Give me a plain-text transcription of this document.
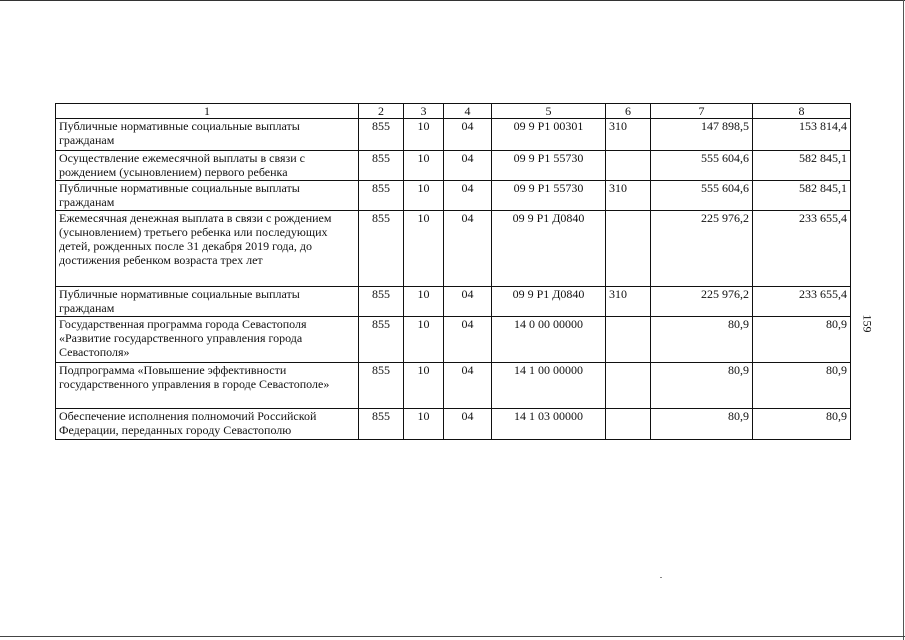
1	2	3	4	5	6	7	8
Публичные нормативные социальные выплаты гражданам	855	10	04	09 9 P1 00301	310	147 898,5	153 814,4
Осуществление ежемесячной выплаты в связи с рождением (усыновлением) первого ребенка	855	10	04	09 9 P1 55730		555 604,6	582 845,1
Публичные нормативные социальные выплаты гражданам	855	10	04	09 9 P1 55730	310	555 604,6	582 845,1
Ежемесячная денежная выплата в связи с рождением (усыновлением) третьего ребенка или последующих детей, рожденных после 31 декабря 2019 года, до достижения ребенком возраста трех лет	855	10	04	09 9 P1 Д0840		225 976,2	233 655,4
Публичные нормативные социальные выплаты гражданам	855	10	04	09 9 P1 Д0840	310	225 976,2	233 655,4
Государственная программа города Севастополя «Развитие государственного управления города Севастополя»	855	10	04	14 0 00 00000		80,9	80,9
Подпрограмма «Повышение эффективности государственного управления в городе Севастополе»	855	10	04	14 1 00 00000		80,9	80,9
Обеспечение исполнения полномочий Российской Федерации, переданных городу Севастополю	855	10	04	14 1 03 00000		80,9	80,9
159
